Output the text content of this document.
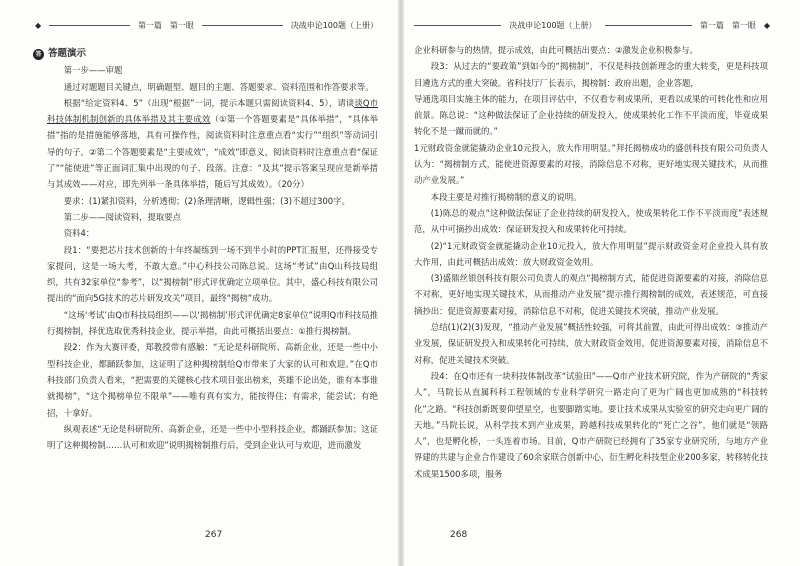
◆	第一篇　第一眼	决战申论100题（上册）
答 答题演示

第一步——审题

通过对题题目关键点，明确题型、题目的主题、答题要求、资料范围和作答要求等。

根据“给定资料4、5”（出现“根据”一词，提示本题只需阅读资料4、5），请谈谈Q市科技体制机制创新的具体举措及其主要成效（①第一个答题要素是“具体举措”，“具体举措”指的是措施能够落地，具有可操作性，阅读资料时注意重点看“实行”“组织”等动词引导的句子。②第二个答题要素是“主要成效”，“成效”即意义，阅读资料时注意重点看“保证了”“能使进”等正面词汇集中出现的句子、段落。注意：“及其”提示答案呈现应是新举措与其成效——对应，即先列举一条具体举措，随后写其成效）。（20分）

要求：(1)紧扣资料，分析透彻；(2)条理清晰，逻辑性强；(3)不超过300字。

第二步——阅读资料，提取要点

资料4：

段1：“要把芯片技术创新的十年终凝练到一场不到半小时的PPT汇报里，还得接受专家提问，这是一场大考，不敢大意。”中心科技公司陈总说。这场“考试”由Q山科技局组织，共有32家单位“参考”，以“揭榜制”形式评优确定立项单位。其中，盛心科技有限公司提出的“面向5G技术的芯片研发攻关”项目，最终“揭榜”成功。

“这场‘考试’由Q市科技局组织——以‘揭榜制’形式评优确定8家单位”说明Q市科技局推行揭榜制，择优选取优秀科技企业，提示举措，由此可概括出要点：①推行揭榜制。

段2：作为大赛评委，郑教授带有感触：“无论是科研院所、高新企业，还是一些中小型科技企业，都踊跃参加，这证明了这种揭榜制给Q市带来了大家的认可和欢迎。”在Q市科技部门负责人看来，“把需要的关键核心技术项目张出榜来，英雄不论出处，谁有本事谁就揭榜”，“这个揭榜单位不限单”——唯有真有实力，能按得住；有需求，能尝试；有绝招，十拿好。

纵观表述“无论是科研院所、高新企业，还是一些中小型科技企业，都踊跃参加；这证明了这种揭榜制……认可和欢迎”说明揭榜制推行后，受到企业认可与欢迎，进而激发

267
决战申论100题（上册）	第一篇　第一眼 ◆

企业科研参与的热情，提示成效，由此可概括出要点：②激发企业积极参与。

段3：从过去的“要政策”到如今的“揭榜制”，不仅是科技创新理念的重大转变，更是科技项目遴选方式的重大突破。省科技厅厂长表示，揭榜制：政府出题，企业答题，

导通选项目实施主体的能力，在项目评估中，不仅看专利成果所，更看以成果的可转化性和应用前景。陈总说：“这种做法保证了企业持续的研发投入，使成果转化工作不平淡而度，毕竟成果转化不是一蹴而就的。”

1元财政资金就能撬动企业10元投入，放大作用明显。”拜托揭榜成功的盛创科技有限公司负责人认为：“揭榜制方式，能使进资源要素的对接，消除信息不对称，更好地实现关键技术，从而推动产业发展。”

本段主要是对推行揭榜制的意义的说明。

(1)陈总的观点“这种做法保证了企业持续的研发投入，使成果转化工作不平淡而度”表述规范，从中可摘抄出成效：保证研发投入和成果转化可持续。

(2)“1元财政资金就能撬动企业10元投入，放大作用明显”提示财政资金对企业投入具有放大作用，由此可概括出成效：放大财政资金效用。

(3)盛鼎丝银创科技有限公司负责人的观点“揭榜制方式，能促进资源要素的对接，消除信息不对称，更好地实现关键技术，从而推动产业发展”提示推行揭榜制的成效，表述规范，可直接摘抄出：促进资源要素对接，消除信息不对称，促进关键技术突破，推动产业发展。

总结(1)(2)(3)发现，“推动产业发展”概括性较强，可将其前置，由此可得出成效：③推动产业发展，保证研发投入和成果转化可持续，放大财政资金效用，促进资源要素对接，消除信息不对称，促进关键技术突破。

段4：在Q市还有一块科技体制改革“试验田”——Q市产业技术研究院，作为产研院的“秀家人”，马院长从直属科科工程领域的专业科学研究一路走向了更为广阔也更加成熟的“科技转化”之路。“科技创新既要仰望星空，也要脚踏实地。要让技术成果从实验室的研究走向更广阔的天地。”马院长说，从科学技术到产业成果，跨越科技成果转化的“死亡之谷”，他们就是“领路人”，也是孵化桥，一头连着市场。目前，Q市产研院已经拥有了35家专业研究所，与地方产业界建的共建与企业合作建设了60余家联合创新中心，衍生孵化科技型企业200多家，转移转化技术成果1500多项，服务

268
